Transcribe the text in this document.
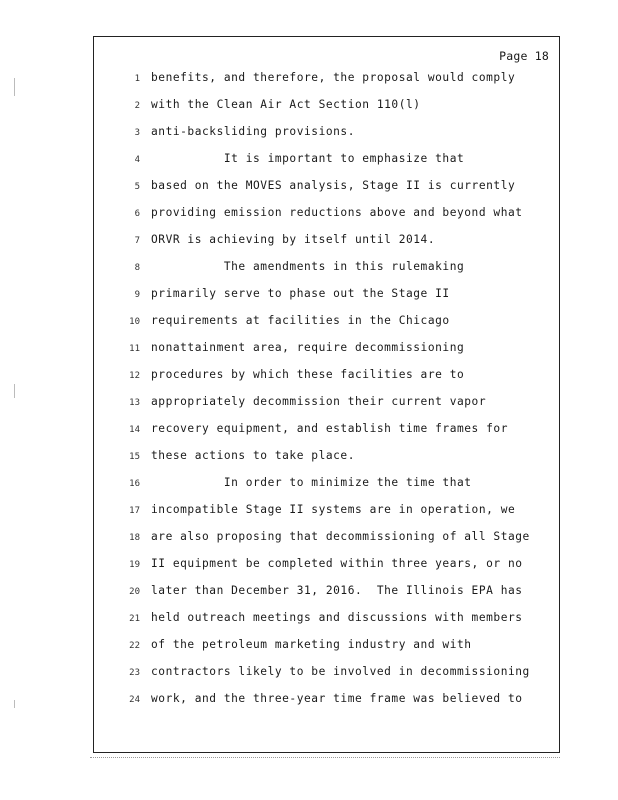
Page 18
1 benefits, and therefore, the proposal would comply
2 with the Clean Air Act Section 110(l)
3 anti-backsliding provisions.
4 It is important to emphasize that
5 based on the MOVES analysis, Stage II is currently
6 providing emission reductions above and beyond what
7 ORVR is achieving by itself until 2014.
8 The amendments in this rulemaking
9 primarily serve to phase out the Stage II
10 requirements at facilities in the Chicago
11 nonattainment area, require decommissioning
12 procedures by which these facilities are to
13 appropriately decommission their current vapor
14 recovery equipment, and establish time frames for
15 these actions to take place.
16 In order to minimize the time that
17 incompatible Stage II systems are in operation, we
18 are also proposing that decommissioning of all Stage
19 II equipment be completed within three years, or no
20 later than December 31, 2016.  The Illinois EPA has
21 held outreach meetings and discussions with members
22 of the petroleum marketing industry and with
23 contractors likely to be involved in decommissioning
24 work, and the three-year time frame was believed to
